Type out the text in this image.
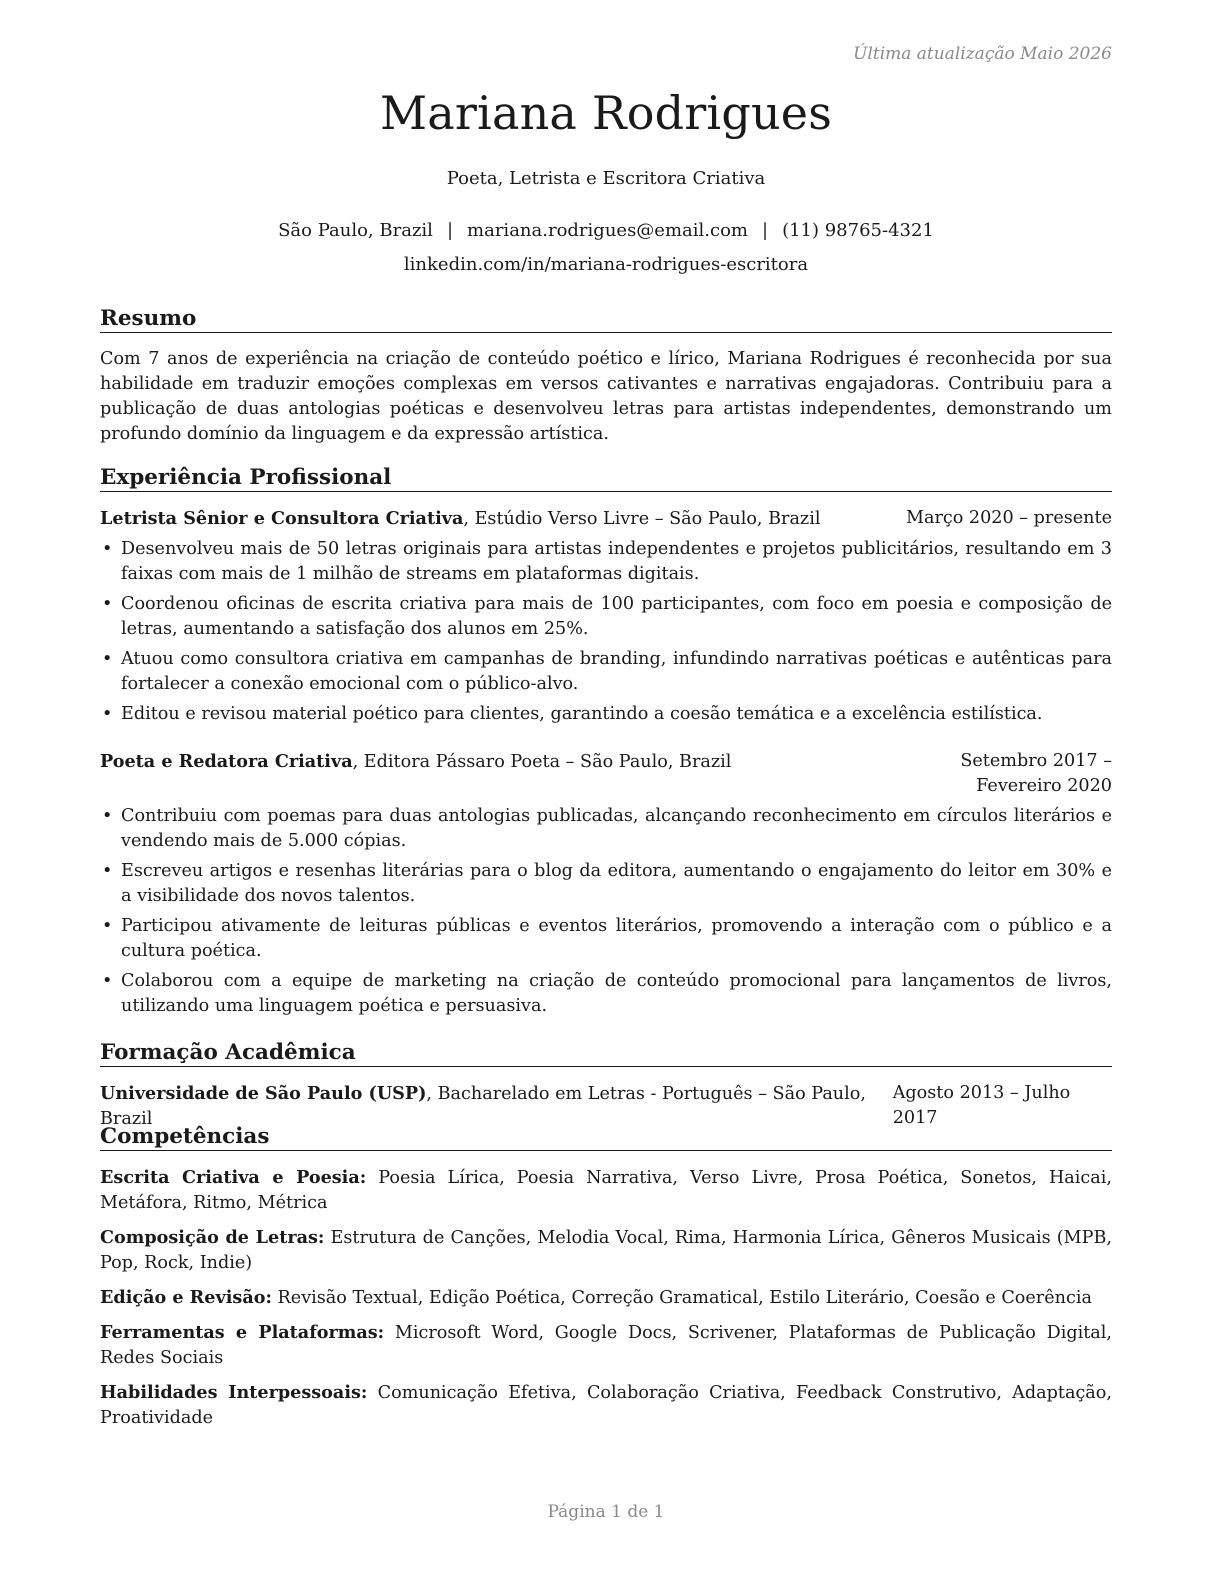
Última atualização Maio 2026
Mariana Rodrigues
Poeta, Letrista e Escritora Criativa
São Paulo, Brazil | mariana.rodrigues@email.com | (11) 98765-4321
linkedin.com/in/mariana-rodrigues-escritora
Resumo

Com 7 anos de experiência na criação de conteúdo poético e lírico, Mariana Rodrigues é reconhecida por sua habilidade em traduzir emoções complexas em versos cativantes e narrativas engajadoras. Contribuiu para a publicação de duas antologias poéticas e desenvolveu letras para artistas independentes, demonstrando um profundo domínio da linguagem e da expressão artística.

Experiência Profissional
Letrista Sênior e Consultora Criativa, Estúdio Verso Livre – São Paulo, Brazil	Março 2020 – presente
• Desenvolveu mais de 50 letras originais para artistas independentes e projetos publicitários, resultando em 3 faixas com mais de 1 milhão de streams em plataformas digitais.
• Coordenou oficinas de escrita criativa para mais de 100 participantes, com foco em poesia e composição de letras, aumentando a satisfação dos alunos em 25%.
• Atuou como consultora criativa em campanhas de branding, infundindo narrativas poéticas e autênticas para fortalecer a conexão emocional com o público-alvo.
• Editou e revisou material poético para clientes, garantindo a coesão temática e a excelência estilística.
Poeta e Redatora Criativa, Editora Pássaro Poeta – São Paulo, Brazil	Setembro 2017 – Fevereiro 2020
• Contribuiu com poemas para duas antologias publicadas, alcançando reconhecimento em círculos literários e vendendo mais de 5.000 cópias.
• Escreveu artigos e resenhas literárias para o blog da editora, aumentando o engajamento do leitor em 30% e a visibilidade dos novos talentos.
• Participou ativamente de leituras públicas e eventos literários, promovendo a interação com o público e a cultura poética.
• Colaborou com a equipe de marketing na criação de conteúdo promocional para lançamentos de livros, utilizando uma linguagem poética e persuasiva.
Formação Acadêmica
Universidade de São Paulo (USP), Bacharelado em Letras - Português – São Paulo, Brazil
Agosto 2013 – Julho 2017
Competências
Escrita Criativa e Poesia: Poesia Lírica, Poesia Narrativa, Verso Livre, Prosa Poética, Sonetos, Haicai, Metáfora, Ritmo, Métrica
Composição de Letras: Estrutura de Canções, Melodia Vocal, Rima, Harmonia Lírica, Gêneros Musicais (MPB, Pop, Rock, Indie)
Edição e Revisão: Revisão Textual, Edição Poética, Correção Gramatical, Estilo Literário, Coesão e Coerência
Ferramentas e Plataformas: Microsoft Word, Google Docs, Scrivener, Plataformas de Publicação Digital, Redes Sociais
Habilidades Interpessoais: Comunicação Efetiva, Colaboração Criativa, Feedback Construtivo, Adaptação, Proatividade
Página 1 de 1
